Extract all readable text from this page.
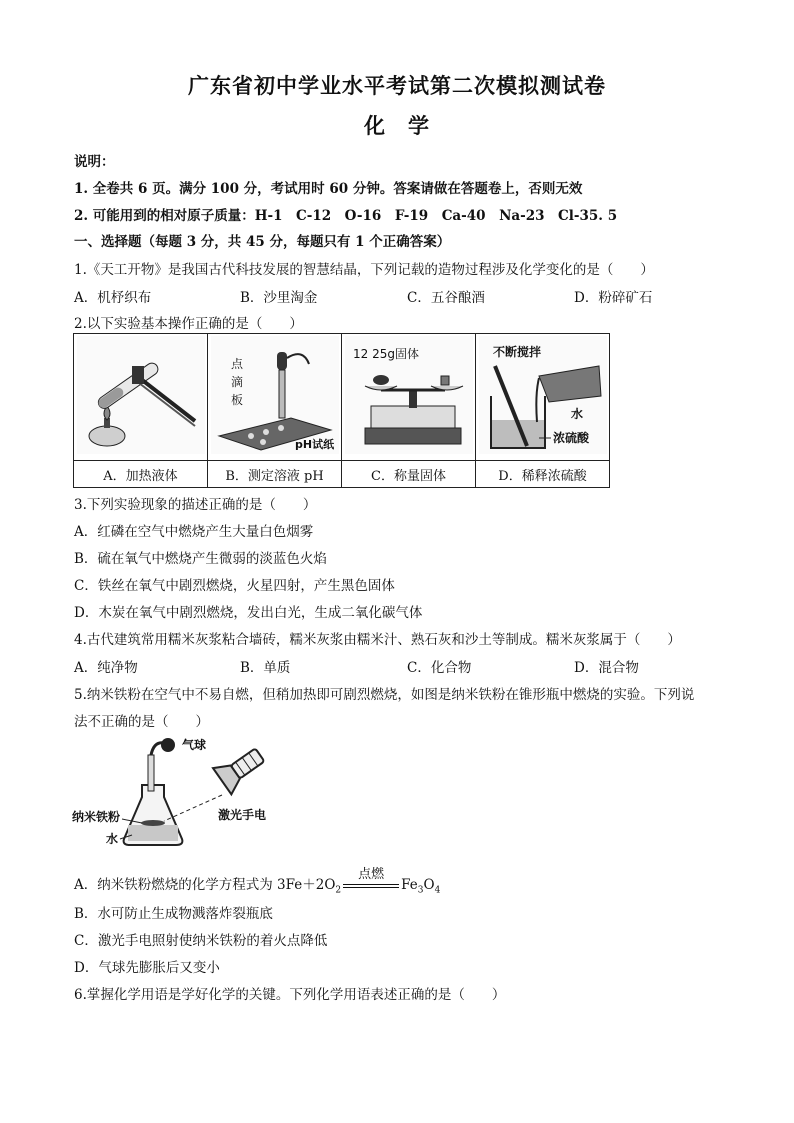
广东省初中学业水平考试第二次模拟测试卷
化　学
说明：
1. 全卷共 6 页。满分 100 分，考试用时 60 分钟。答案请做在答题卷上，否则无效
2. 可能用到的相对原子质量：H-1　C-12　O-16　F-19　Ca-40　Na-23　Cl-35. 5
一、选择题（每题 3 分，共 45 分，每题只有 1 个正确答案）
1.《天工开物》是我国古代科技发展的智慧结晶，下列记载的造物过程涉及化学变化的是（　　）
A．机杼织布	B．沙里淘金	C．五谷酿酒	D．粉碎矿石
2.以下实验基本操作正确的是（　　）

点
滴
板
pH试纸	12 25g固体	不断搅拌
水
浓硫酸

A．加热液体	B．测定溶液 pH	C．称量固体	D．稀释浓硫酸
3.下列实验现象的描述正确的是（　　）
A．红磷在空气中燃烧产生大量白色烟雾
B．硫在氧气中燃烧产生微弱的淡蓝色火焰
C．铁丝在氧气中剧烈燃烧，火星四射，产生黑色固体
D．木炭在氧气中剧烈燃烧，发出白光，生成二氧化碳气体
4.古代建筑常用糯米灰浆粘合墙砖，糯米灰浆由糯米汁、熟石灰和沙土等制成。糯米灰浆属于（　　）
A．纯净物	B．单质	C．化合物	D．混合物
5.纳米铁粉在空气中不易自燃，但稍加热即可剧烈燃烧，如图是纳米铁粉在锥形瓶中燃烧的实验。下列说
法不正确的是（　　）
气球
激光手电
纳米铁粉
水
A．纳米铁粉燃烧的化学方程式为 $3Fe+2O_2$
点燃
$Fe_3O_4$
B．水可防止生成物溅落炸裂瓶底
C．激光手电照射使纳米铁粉的着火点降低
D．气球先膨胀后又变小
6.掌握化学用语是学好化学的关键。下列化学用语表述正确的是（　　）
